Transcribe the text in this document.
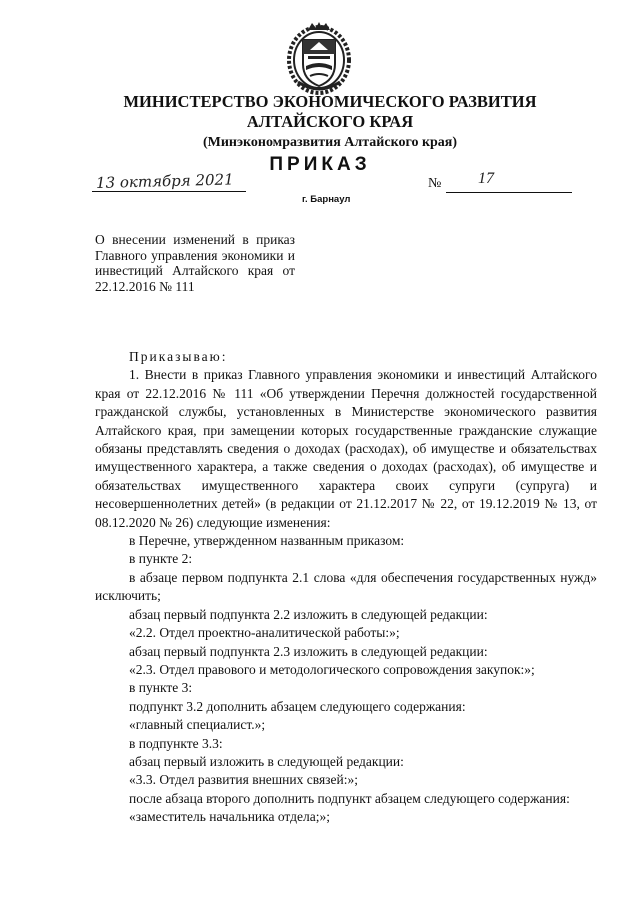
МИНИСТЕРСТВО ЭКОНОМИЧЕСКОГО РАЗВИТИЯ
АЛТАЙСКОГО КРАЯ
(Минэкономразвития Алтайского края)
ПРИКАЗ
13 октября 2021	№ 17
г. Барнаул
О внесении изменений в приказ Главного управления экономики и инвестиций Алтайского края от 22.12.2016 № 111

Приказываю:

1. Внести в приказ Главного управления экономики и инвестиций Алтайского края от 22.12.2016 № 111 «Об утверждении Перечня должностей государственной гражданской службы, установленных в Министерстве экономического развития Алтайского края, при замещении которых государственные гражданские служащие обязаны представлять сведения о доходах (расходах), об имуществе и обязательствах имущественного характера, а также сведения о доходах (расходах), об имуществе и обязательствах имущественного характера своих супруги (супруга) и несовершеннолетних детей» (в редакции от 21.12.2017 № 22, от 19.12.2019 № 13, от 08.12.2020 № 26) следующие изменения:

в Перечне, утвержденном названным приказом:

в пункте 2:

в абзаце первом подпункта 2.1 слова «для обеспечения государственных нужд» исключить;

абзац первый подпункта 2.2 изложить в следующей редакции:

«2.2. Отдел проектно-аналитической работы:»;

абзац первый подпункта 2.3 изложить в следующей редакции:

«2.3. Отдел правового и методологического сопровождения закупок:»;

в пункте 3:

подпункт 3.2 дополнить абзацем следующего содержания:

«главный специалист.»;

в подпункте 3.3:

абзац первый изложить в следующей редакции:

«3.3. Отдел развития внешних связей:»;

после абзаца второго дополнить подпункт абзацем следующего содержания:

«заместитель начальника отдела;»;
